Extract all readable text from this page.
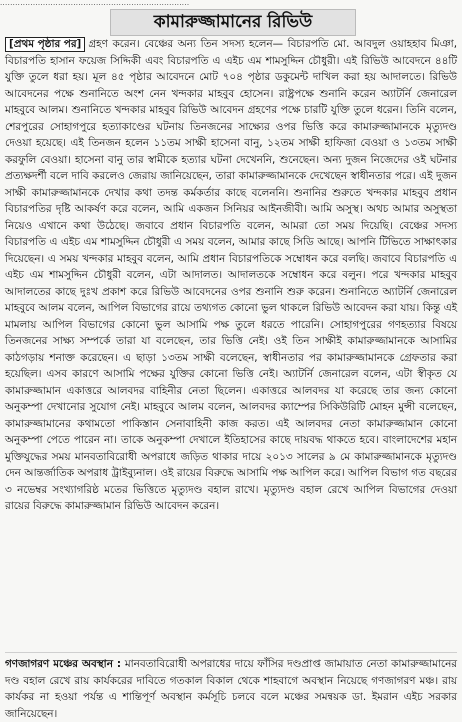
...........................................................................
কামারুজ্জামানের রিভিউ

[প্রথম পৃষ্ঠার পর] গ্রহণ করেন। বেঞ্চের অন্য তিন সদস্য হলেন— বিচারপতি মো. আবদুল ওয়াহহাব মিঞা, বিচারপতি হাসান ফয়েজ সিদ্দিকী এবং বিচারপতি এ এইচ এম শামসুদ্দিন চৌধুরী। এই রিভিউ আবেদনে ৪৪টি যুক্তি তুলে ধরা হয়। মূল ৪৫ পৃষ্ঠার আবেদনে মোট ৭০৪ পৃষ্ঠার ডকুমেন্ট দাখিল করা হয় আদালতে। রিভিউ আবেদনের পক্ষে শুনানিতে অংশ নেন খন্দকার মাহবুব হোসেন। রাষ্ট্রপক্ষে শুনানি করেন অ্যাটর্নি জেনারেল মাহবুবে আলম। শুনানিতে খন্দকার মাহবুব রিভিউ আবেদন গ্রহণের পক্ষে চারটি যুক্তি তুলে ধরেন। তিনি বলেন, শেরপুরের সোহাগপুরে হত্যাকাণ্ডের ঘটনায় তিনজনের সাক্ষ্যের ওপর ভিত্তি করে কামারুজ্জামানকে মৃত্যুদণ্ড দেওয়া হয়েছে। এই তিনজন হলেন ১১তম সাক্ষী হাসেনা বানু, ১২তম সাক্ষী হাফিজা বেওয়া ও ১৩তম সাক্ষী করফুলি বেওয়া। হাসেনা বানু তার স্বামীকে হত্যার ঘটনা দেখেননি, শুনেছেন। অন্য দুজন নিজেদের ওই ঘটনার প্রত্যক্ষদর্শী বলে দাবি করলেও জেরায় জানিয়েছেন, তারা কামারুজ্জামানকে দেখেছেন স্বাধীনতার পরে। এই দুজন সাক্ষী কামারুজ্জামানকে দেখার কথা তদন্ত কর্মকর্তার কাছে বলেননি। শুনানির শুরুতে খন্দকার মাহবুব প্রধান বিচারপতির দৃষ্টি আকর্ষণ করে বলেন, আমি একজন সিনিয়র আইনজীবী। আমি অসুস্থ। অথচ আমার অসুস্থতা নিয়েও এখানে কথা উঠেছে। জবাবে প্রধান বিচারপতি বলেন, আমরা তো সময় দিয়েছি। বেঞ্চের সদস্য বিচারপতি এ এইচ এম শামসুদ্দিন চৌধুরী এ সময় বলেন, আমার কাছে সিডি আছে। আপনি টিভিতে সাক্ষাৎকার দিয়েছেন। এ সময় খন্দকার মাহবুব বলেন, আমি প্রধান বিচারপতিকে সম্বোধন করে বলছি। জবাবে বিচারপতি এ এইচ এম শামসুদ্দিন চৌধুরী বলেন, এটা আদালত। আদালতকে সম্বোধন করে বলুন। পরে খন্দকার মাহবুব আদালতের কাছে দুঃখ প্রকাশ করে রিভিউ আবেদনের ওপর শুনানি শুরু করেন। শুনানিতে অ্যাটর্নি জেনারেল মাহবুবে আলম বলেন, আপিল বিভাগের রায়ে তথ্যগত কোনো ভুল থাকলে রিভিউ আবেদন করা যায়। কিন্তু এই মামলায় আপিল বিভাগের কোনো ভুল আসামি পক্ষ তুলে ধরতে পারেনি। সোহাগপুরের গণহত্যার বিষয়ে তিনজনের সাক্ষ্য সম্পর্কে তারা যা বলেছেন, তার ভিত্তি নেই। ওই তিন সাক্ষীই কামারুজ্জামানকে আসামির কাঠগড়ায় শনাক্ত করেছেন। এ ছাড়া ১৩তম সাক্ষী বলেছেন, স্বাধীনতার পর কামারুজ্জামানকে গ্রেফতার করা হয়েছিল। এসব কারণে আসামি পক্ষের যুক্তির কোনো ভিত্তি নেই। অ্যাটর্নি জেনারেল বলেন, এটা স্বীকৃত যে কামারুজ্জামান একাত্তরে আলবদর বাহিনীর নেতা ছিলেন। একাত্তরে আলবদর যা করেছে তার জন্য কোনো অনুকম্পা দেখানোর সুযোগ নেই। মাহবুবে আলম বলেন, আলবদর ক্যাম্পের সিকিউরিটি মোহন মুন্সী বলেছেন, কামারুজ্জামানের কথামতো পাকিস্তান সেনাবাহিনী কাজ করত। এই আলবদর নেতা কামারুজ্জামান কোনো অনুকম্পা পেতে পারেন না। তাকে অনুকম্পা দেখালে ইতিহাসের কাছে দায়বদ্ধ থাকতে হবে। বাংলাদেশের মহান মুক্তিযুদ্ধের সময় মানবতাবিরোধী অপরাধে জড়িত থাকার দায়ে ২০১৩ সালের ৯ মে কামারুজ্জামানকে মৃত্যুদণ্ড দেন আন্তর্জাতিক অপরাধ ট্রাইব্যুনাল। ওই রায়ের বিরুদ্ধে আসামি পক্ষ আপিল করে। আপিল বিভাগ গত বছরের ৩ নভেম্বর সংখ্যাগরিষ্ঠ মতের ভিত্তিতে মৃত্যুদণ্ড বহাল রাখে। মৃত্যুদণ্ড বহাল রেখে আপিল বিভাগের দেওয়া রায়ের বিরুদ্ধে কামারুজ্জামান রিভিউ আবেদন করেন।

গণজাগরণ মঞ্চের অবস্থান : মানবতাবিরোধী অপরাধের দায়ে ফাঁসির দণ্ডপ্রাপ্ত জামায়াত নেতা কামারুজ্জামানের দণ্ড বহাল রেখে রায় কার্যকরের দাবিতে গতকাল বিকাল থেকে শাহবাগে অবস্থান নিয়েছে গণজাগরণ মঞ্চ। রায় কার্যকর না হওয়া পর্যন্ত এ শান্তিপূর্ণ অবস্থান কর্মসূচি চলবে বলে মঞ্চের সমন্বয়ক ডা. ইমরান এইচ সরকার জানিয়েছেন।
